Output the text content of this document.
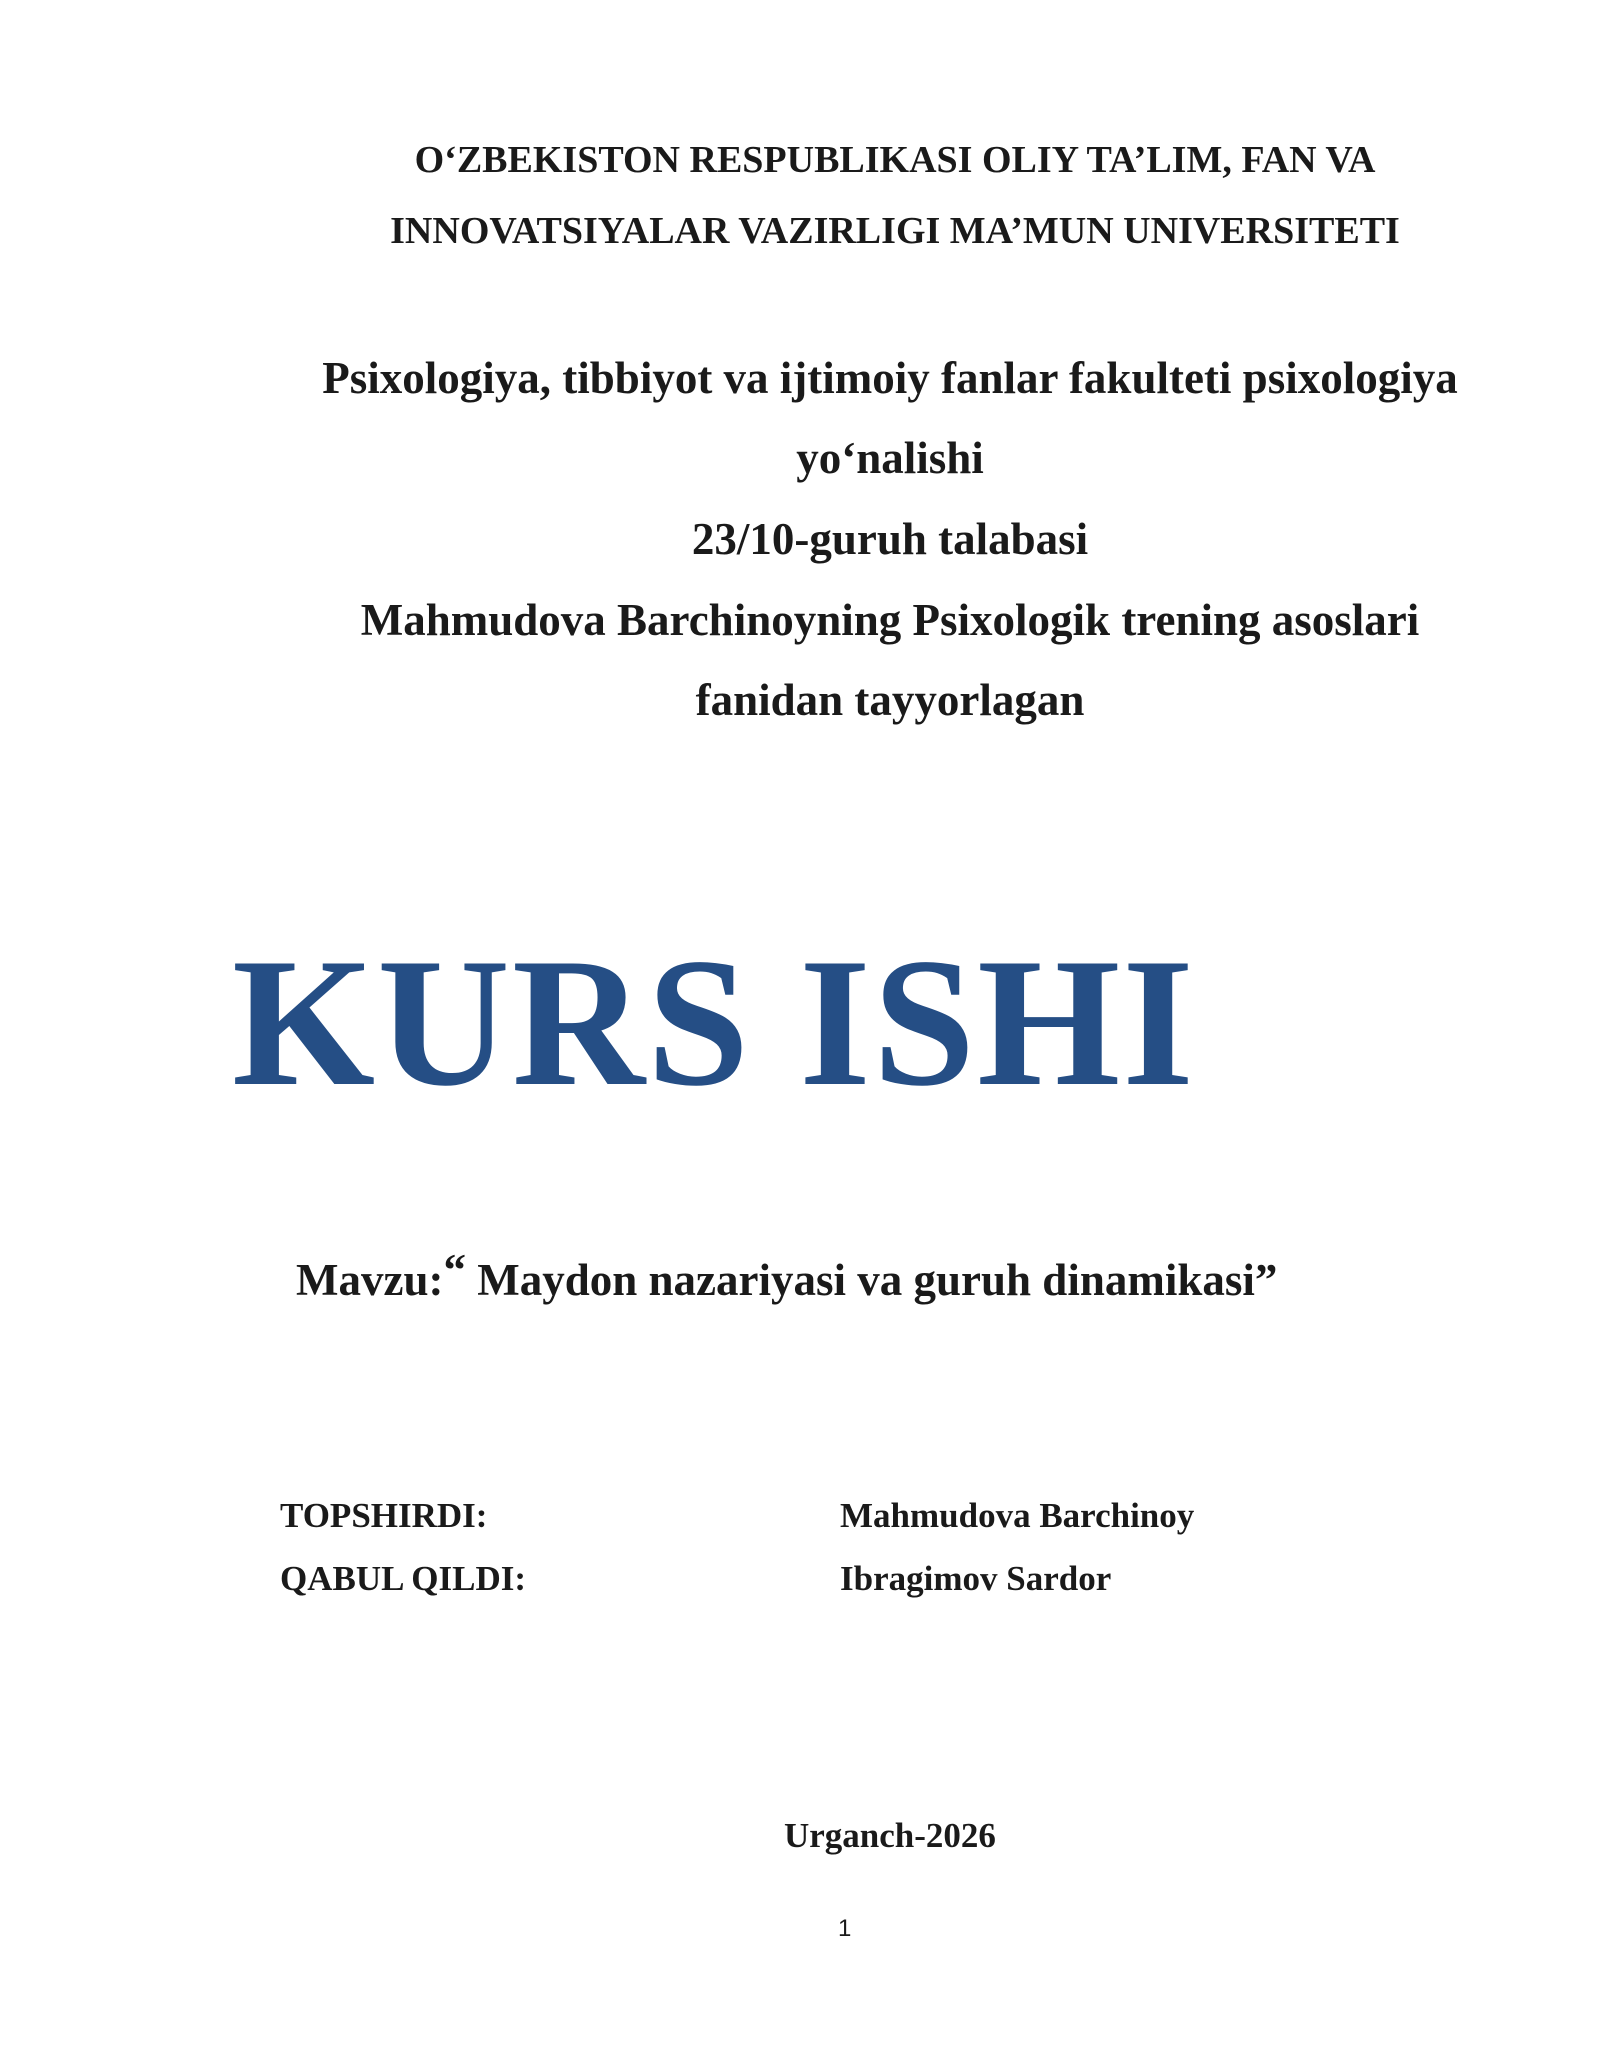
O‘ZBEKISTON RESPUBLIKASI OLIY TA’LIM, FAN VA
INNOVATSIYALAR VAZIRLIGI MA’MUN UNIVERSITETI
Psixologiya, tibbiyot va ijtimoiy fanlar fakulteti psixologiya
yo‘nalishi
23/10-guruh talabasi
Mahmudova Barchinoyning Psixologik trening asoslari
fanidan tayyorlagan
KURS ISHI
Mavzu:“ Maydon nazariyasi va guruh dinamikasi”
TOPSHIRDI:	Mahmudova Barchinoy
QABUL QILDI:	Ibragimov Sardor
Urganch-2026
1
